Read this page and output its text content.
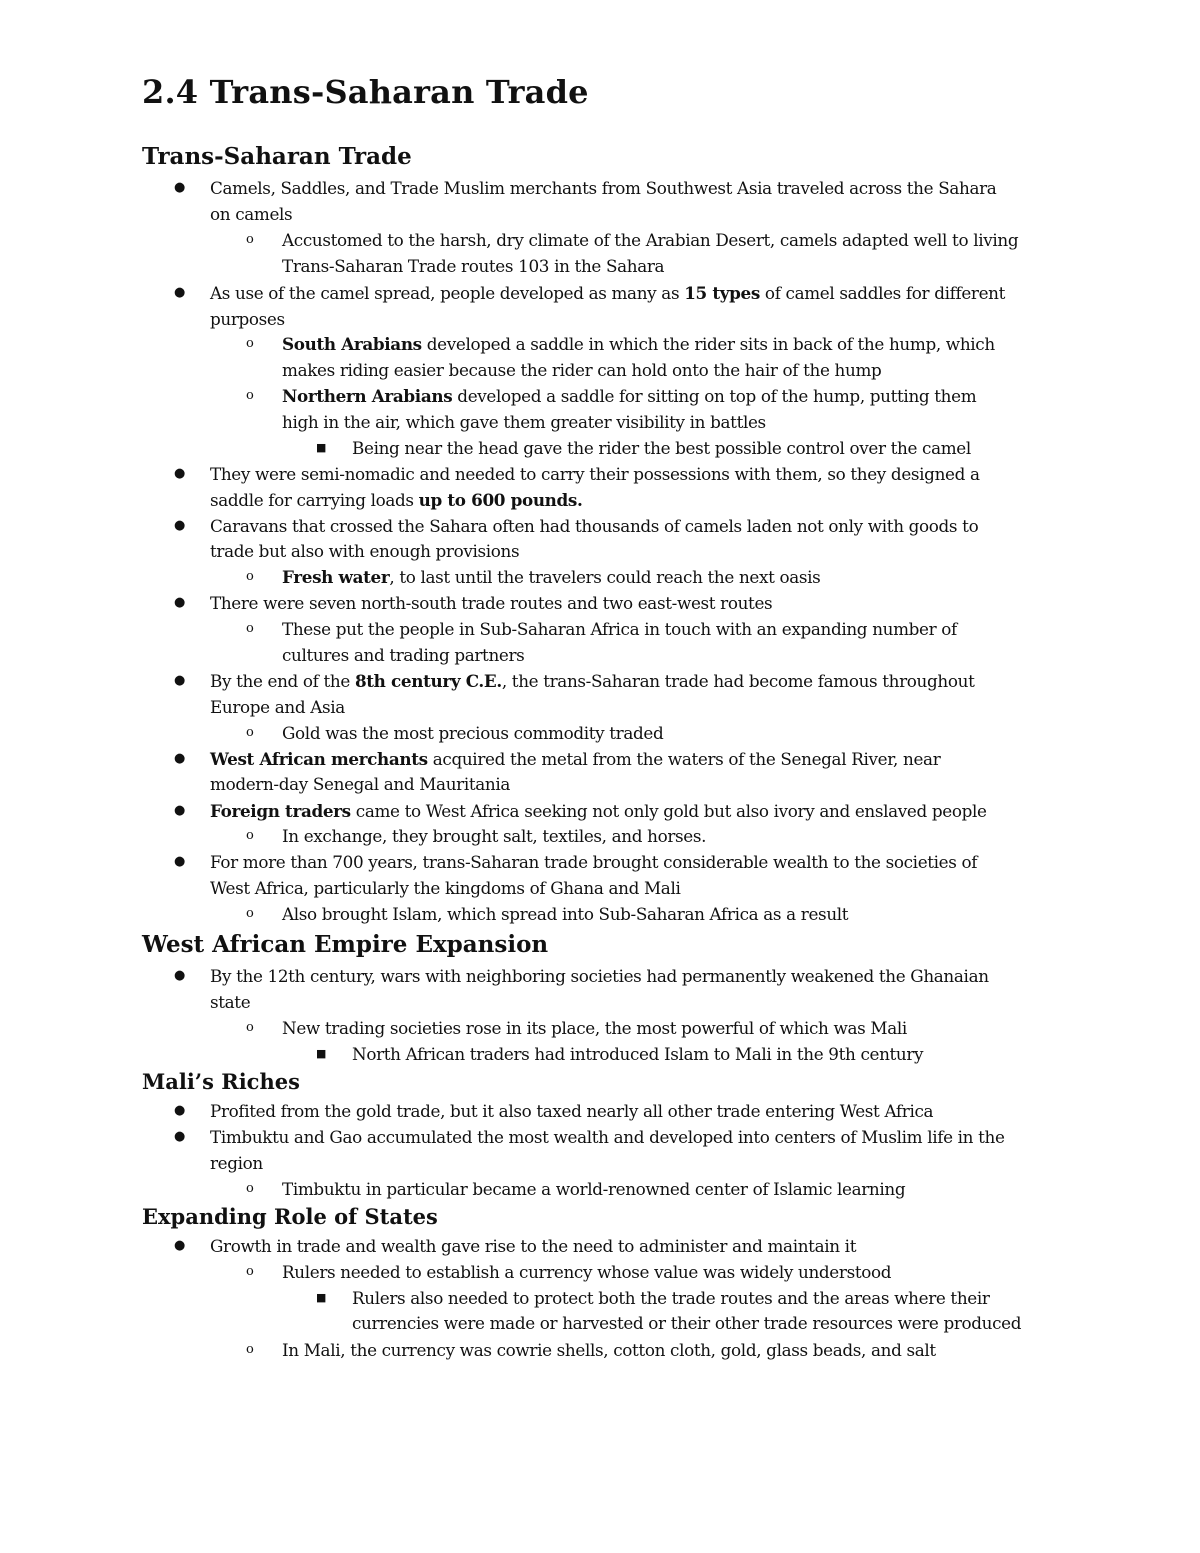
2.4 Trans-Saharan Trade
Trans-Saharan Trade
● Camels, Saddles, and Trade Muslim merchants from Southwest Asia traveled across the Sahara

on camels

o Accustomed to the harsh, dry climate of the Arabian Desert, camels adapted well to living

Trans-Saharan Trade routes 103 in the Sahara

● As use of the camel spread, people developed as many as 15 types of camel saddles for different

purposes

o South Arabians developed a saddle in which the rider sits in back of the hump, which

makes riding easier because the rider can hold onto the hair of the hump

o Northern Arabians developed a saddle for sitting on top of the hump, putting them

high in the air, which gave them greater visibility in battles

■ Being near the head gave the rider the best possible control over the camel

● They were semi-nomadic and needed to carry their possessions with them, so they designed a

saddle for carrying loads up to 600 pounds.

● Caravans that crossed the Sahara often had thousands of camels laden not only with goods to

trade but also with enough provisions

o Fresh water, to last until the travelers could reach the next oasis

● There were seven north-south trade routes and two east-west routes

o These put the people in Sub-Saharan Africa in touch with an expanding number of

cultures and trading partners

● By the end of the 8th century C.E., the trans-Saharan trade had become famous throughout

Europe and Asia

o Gold was the most precious commodity traded

● West African merchants acquired the metal from the waters of the Senegal River, near

modern-day Senegal and Mauritania

● Foreign traders came to West Africa seeking not only gold but also ivory and enslaved people

o In exchange, they brought salt, textiles, and horses.

● For more than 700 years, trans-Saharan trade brought considerable wealth to the societies of

West Africa, particularly the kingdoms of Ghana and Mali

o Also brought Islam, which spread into Sub-Saharan Africa as a result

West African Empire Expansion
● By the 12th century, wars with neighboring societies had permanently weakened the Ghanaian

state

o New trading societies rose in its place, the most powerful of which was Mali

■ North African traders had introduced Islam to Mali in the 9th century

Mali’s Riches
● Profited from the gold trade, but it also taxed nearly all other trade entering West Africa

● Timbuktu and Gao accumulated the most wealth and developed into centers of Muslim life in the

region

o Timbuktu in particular became a world-renowned center of Islamic learning

Expanding Role of States
● Growth in trade and wealth gave rise to the need to administer and maintain it

o Rulers needed to establish a currency whose value was widely understood

■ Rulers also needed to protect both the trade routes and the areas where their

currencies were made or harvested or their other trade resources were produced

o In Mali, the currency was cowrie shells, cotton cloth, gold, glass beads, and salt
